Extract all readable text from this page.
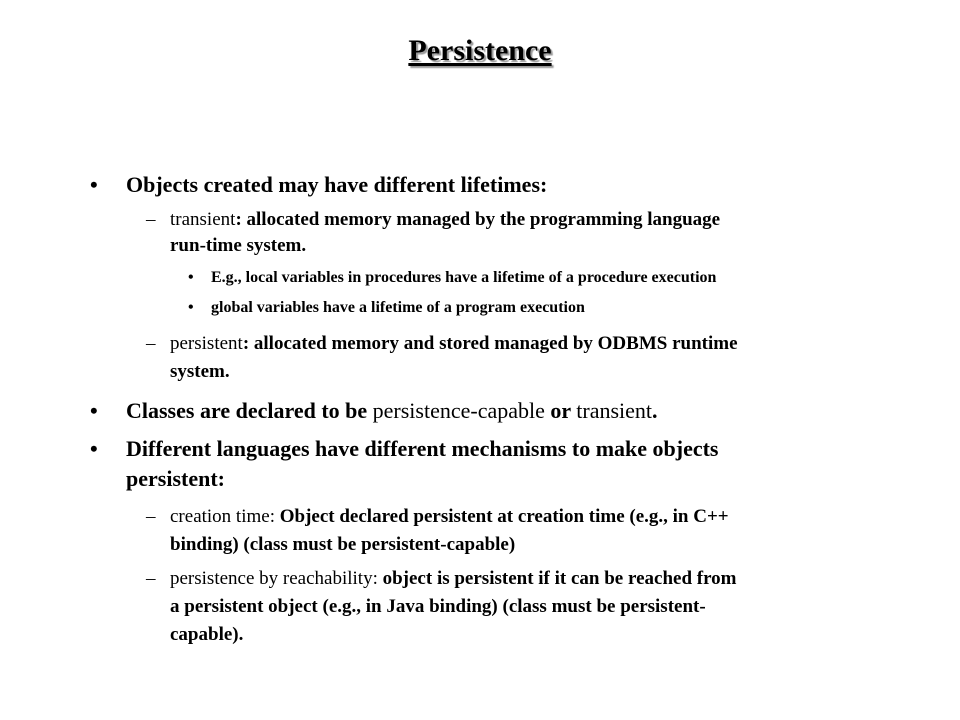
Persistence
• Objects created may have different lifetimes:
– transient: allocated memory managed by the programming language
run-time system.
• E.g., local variables in procedures have a lifetime of a procedure execution
• global variables have a lifetime of a program execution
– persistent: allocated memory and stored managed by ODBMS runtime
system.
• Classes are declared to be persistence-capable or transient.
• Different languages have different mechanisms to make objects
persistent:
– creation time: Object declared persistent at creation time (e.g., in C++
binding) (class must be persistent-capable)
– persistence by reachability: object is persistent if it can be reached from
a persistent object (e.g., in Java binding) (class must be persistent-
capable).
